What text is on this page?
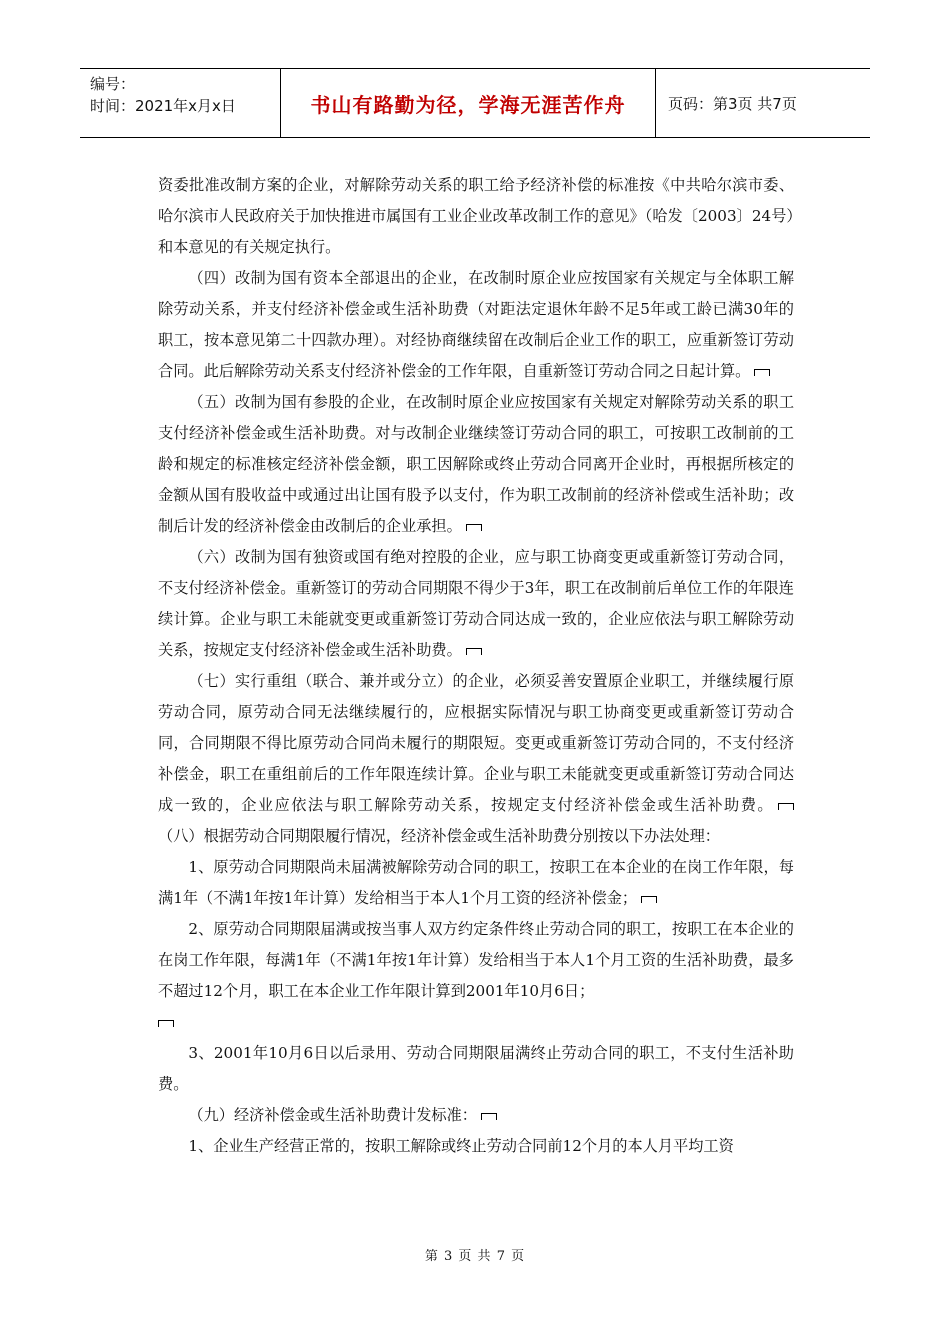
编号：
时间：2021年x月x日	书山有路勤为径，学海无涯苦作舟	页码：第3页 共7页

资委批准改制方案的企业，对解除劳动关系的职工给予经济补偿的标准按《中共哈尔滨市委、哈尔滨市人民政府关于加快推进市属国有工业企业改革改制工作的意见》（哈发〔2003〕24号）和本意见的有关规定执行。

（四）改制为国有资本全部退出的企业，在改制时原企业应按国家有关规定与全体职工解除劳动关系，并支付经济补偿金或生活补助费（对距法定退休年龄不足5年或工龄已满30年的职工，按本意见第二十四款办理）。对经协商继续留在改制后企业工作的职工，应重新签订劳动合同。此后解除劳动关系支付经济补偿金的工作年限，自重新签订劳动合同之日起计算。

（五）改制为国有参股的企业，在改制时原企业应按国家有关规定对解除劳动关系的职工支付经济补偿金或生活补助费。对与改制企业继续签订劳动合同的职工，可按职工改制前的工龄和规定的标准核定经济补偿金额，职工因解除或终止劳动合同离开企业时，再根据所核定的金额从国有股收益中或通过出让国有股予以支付，作为职工改制前的经济补偿或生活补助；改制后计发的经济补偿金由改制后的企业承担。

（六）改制为国有独资或国有绝对控股的企业，应与职工协商变更或重新签订劳动合同，不支付经济补偿金。重新签订的劳动合同期限不得少于3年，职工在改制前后单位工作的年限连续计算。企业与职工未能就变更或重新签订劳动合同达成一致的，企业应依法与职工解除劳动关系，按规定支付经济补偿金或生活补助费。

（七）实行重组（联合、兼并或分立）的企业，必须妥善安置原企业职工，并继续履行原劳动合同，原劳动合同无法继续履行的，应根据实际情况与职工协商变更或重新签订劳动合同，合同期限不得比原劳动合同尚未履行的期限短。变更或重新签订劳动合同的，不支付经济补偿金，职工在重组前后的工作年限连续计算。企业与职工未能就变更或重新签订劳动合同达成一致的，企业应依法与职工解除劳动关系，按规定支付经济补偿金或生活补助费。　　（八）根据劳动合同期限履行情况，经济补偿金或生活补助费分别按以下办法处理：

1、原劳动合同期限尚未届满被解除劳动合同的职工，按职工在本企业的在岗工作年限，每满1年（不满1年按1年计算）发给相当于本人1个月工资的经济补偿金；

2、原劳动合同期限届满或按当事人双方约定条件终止劳动合同的职工，按职工在本企业的在岗工作年限，每满1年（不满1年按1年计算）发给相当于本人1个月工资的生活补助费，最多不超过12个月，职工在本企业工作年限计算到2001年10月6日；

3、2001年10月6日以后录用、劳动合同期限届满终止劳动合同的职工，不支付生活补助费。

（九）经济补偿金或生活补助费计发标准：

1、企业生产经营正常的，按职工解除或终止劳动合同前12个月的本人月平均工资

第 3 页 共 7 页
